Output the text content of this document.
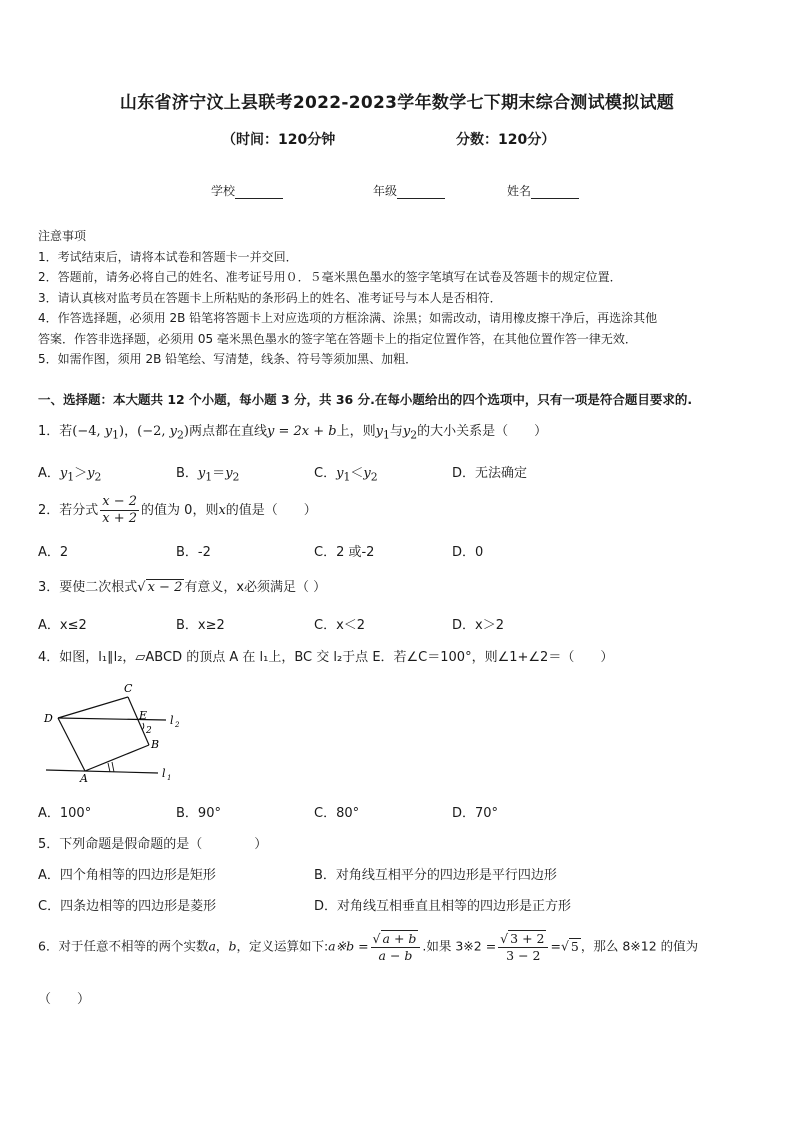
山东省济宁汶上县联考2022-2023学年数学七下期末综合测试模拟试题
（时间：120分钟	分数：120分）
学校	年级	姓名
注意事项
1．考试结束后，请将本试卷和答题卡一并交回．
2．答题前，请务必将自己的姓名、准考证号用０．５毫米黑色墨水的签字笔填写在试卷及答题卡的规定位置．
3．请认真核对监考员在答题卡上所粘贴的条形码上的姓名、准考证号与本人是否相符．
4．作答选择题，必须用 2B 铅笔将答题卡上对应选项的方框涂满、涂黑；如需改动，请用橡皮擦干净后，再选涂其他
答案．作答非选择题，必须用 05 毫米黑色墨水的签字笔在答题卡上的指定位置作答，在其他位置作答一律无效．
5．如需作图，须用 2B 铅笔绘、写清楚，线条、符号等须加黑、加粗．
一、选择题：本大题共 12 个小题，每小题 3 分，共 36 分.在每小题给出的四个选项中，只有一项是符合题目要求的.
1．若(−4, $y_1$)，(−2, $y_2$)两点都在直线y = 2x + b上，则$y_1$与$y_2$的大小关系是（　　）
A．$y_1>y_2$	B．$y_1=y_2$	C．$y_1<y_2$	D．无法确定
2．若分式 $\frac{x - 2}{x + 2}$ 的值为 0，则x的值是（　　）
A．2	B．-2	C．2 或-2	D．0
3．要使二次根式√ x − 2 有意义，x必须满足（ ）
A．x≤2	B．x≥2	C．x＜2	D．x＞2
4．如图，l₁∥l₂，▱ABCD 的顶点 A 在 l₁上，BC 交 l₂于点 E．若∠C＝100°，则∠1+∠2＝（　　）
C
D	E
2
B
A
l 2
l 1
A．100°	B．90°	C．80°	D．70°
5．下列命题是假命题的是（　　　　）
A．四个角相等的四边形是矩形	B．对角线互相平分的四边形是平行四边形
C．四条边相等的四边形是菱形	D．对角线互相垂直且相等的四边形是正方形
6．对于任意不相等的两个实数a，b，定义运算如下:a※b = $\frac{√ a + b}{a - b}$ .如果 3※2 = $\frac{√ 3 + 2}{3 - 2}$ =√ 5 ，那么 8※12 的值为
（　　）
